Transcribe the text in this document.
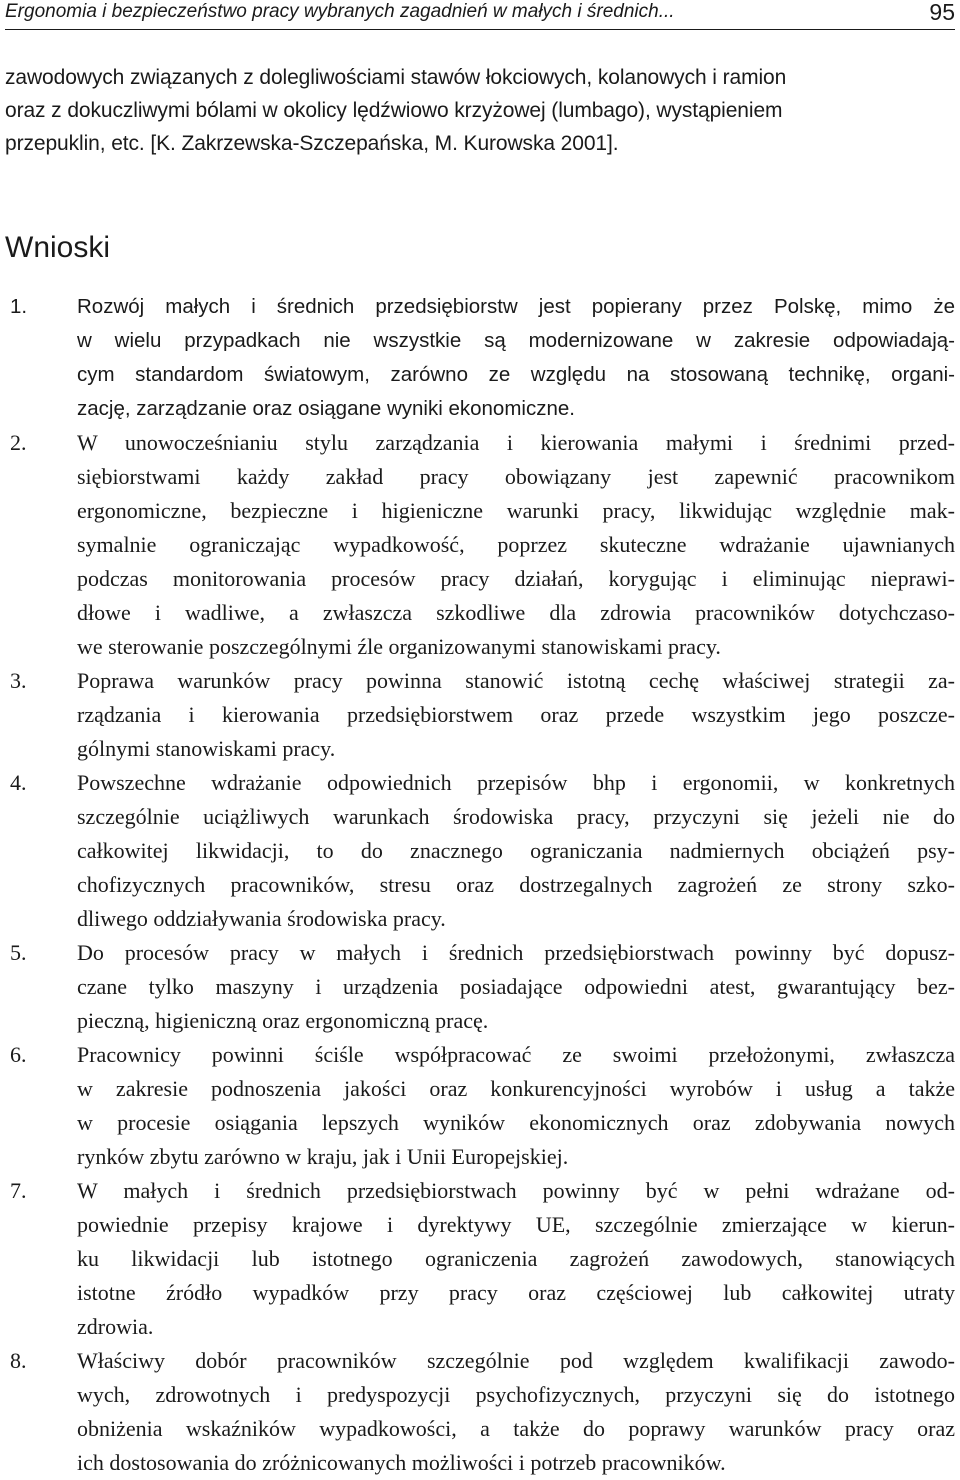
Ergonomia i bezpieczeństwo pracy wybranych zagadnień w małych i średnich...	95
zawodowych związanych z dolegliwościami stawów łokciowych, kolanowych i ramion
oraz z dokuczliwymi bólami w okolicy lędźwiowo krzyżowej (lumbago), wystąpieniem
przepuklin, etc. [K. Zakrzewska-Szczepańska, M. Kurowska 2001].
Wnioski
1. Rozwój małych i średnich przedsiębiorstw jest popierany przez Polskę, mimo że
w wielu przypadkach nie wszystkie są modernizowane w zakresie odpowiadają-
cym standardom światowym, zarówno ze względu na stosowaną technikę, organi-
zację, zarządzanie oraz osiągane wyniki ekonomiczne.
2. W unowocześnianiu stylu zarządzania i kierowania małymi i średnimi przed-
siębiorstwami każdy zakład pracy obowiązany jest zapewnić pracownikom
ergonomiczne, bezpieczne i higieniczne warunki pracy, likwidując względnie mak-
symalnie ograniczając wypadkowość, poprzez skuteczne wdrażanie ujawnianych
podczas monitorowania procesów pracy działań, korygując i eliminując nieprawi-
dłowe i wadliwe, a zwłaszcza szkodliwe dla zdrowia pracowników dotychczaso-
we sterowanie poszczególnymi źle organizowanymi stanowiskami pracy.
3. Poprawa warunków pracy powinna stanowić istotną cechę właściwej strategii za-
rządzania i kierowania przedsiębiorstwem oraz przede wszystkim jego poszcze-
gólnymi stanowiskami pracy.
4. Powszechne wdrażanie odpowiednich przepisów bhp i ergonomii, w konkretnych
szczególnie uciążliwych warunkach środowiska pracy, przyczyni się jeżeli nie do
całkowitej likwidacji, to do znacznego ograniczania nadmiernych obciążeń psy-
chofizycznych pracowników, stresu oraz dostrzegalnych zagrożeń ze strony szko-
dliwego oddziaływania środowiska pracy.
5. Do procesów pracy w małych i średnich przedsiębiorstwach powinny być dopusz-
czane tylko maszyny i urządzenia posiadające odpowiedni atest, gwarantujący bez-
pieczną, higieniczną oraz ergonomiczną pracę.
6. Pracownicy powinni ściśle współpracować ze swoimi przełożonymi, zwłaszcza
w zakresie podnoszenia jakości oraz konkurencyjności wyrobów i usług a także
w procesie osiągania lepszych wyników ekonomicznych oraz zdobywania nowych
rynków zbytu zarówno w kraju, jak i Unii Europejskiej.
7. W małych i średnich przedsiębiorstwach powinny być w pełni wdrażane od-
powiednie przepisy krajowe i dyrektywy UE, szczególnie zmierzające w kierun-
ku likwidacji lub istotnego ograniczenia zagrożeń zawodowych, stanowiących
istotne źródło wypadków przy pracy oraz częściowej lub całkowitej utraty
zdrowia.
8. Właściwy dobór pracowników szczególnie pod względem kwalifikacji zawodo-
wych, zdrowotnych i predyspozycji psychofizycznych, przyczyni się do istotnego
obniżenia wskaźników wypadkowości, a także do poprawy warunków pracy oraz
ich dostosowania do zróżnicowanych możliwości i potrzeb pracowników.
